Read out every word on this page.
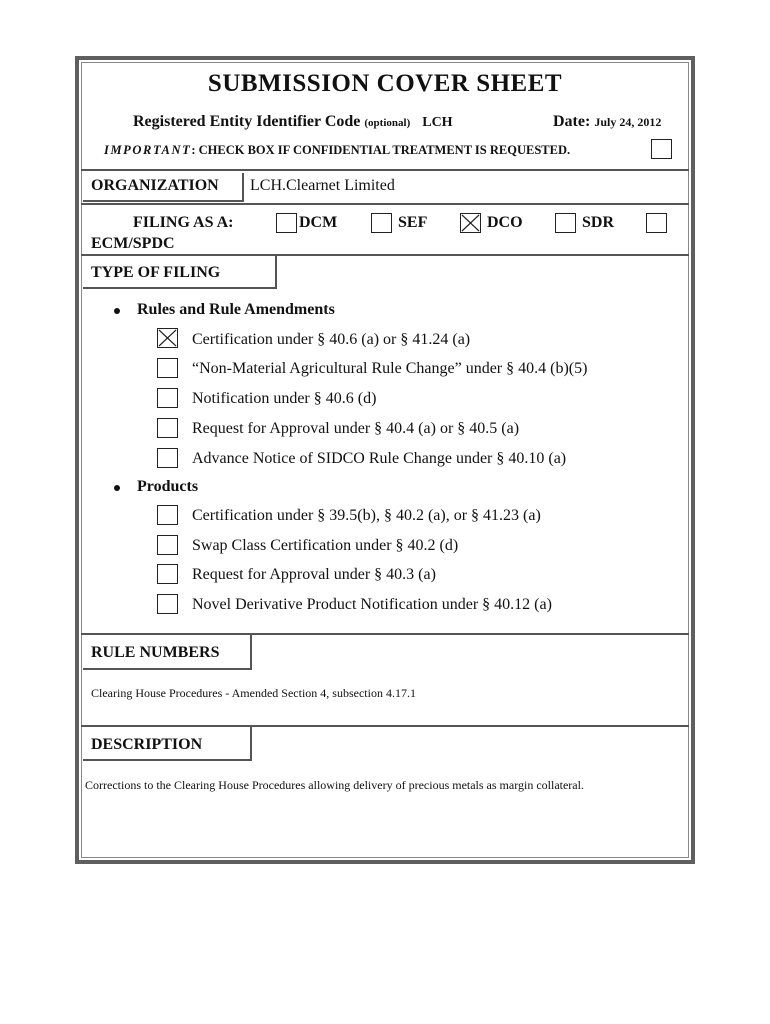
SUBMISSION COVER SHEET
Registered Entity Identifier Code (optional) LCH	Date: July 24, 2012
IMPORTANT: CHECK BOX IF CONFIDENTIAL TREATMENT IS REQUESTED.
ORGANIZATION LCH.Clearnet Limited
FILING AS A:	DCM	SEF	DCO	SDR
ECM/SPDC
TYPE OF FILING
Rules and Rule Amendments
Certification under § 40.6 (a) or § 41.24 (a)
“Non-Material Agricultural Rule Change” under § 40.4 (b)(5)
Notification under § 40.6 (d)
Request for Approval under § 40.4 (a) or § 40.5 (a)
Advance Notice of SIDCO Rule Change under § 40.10 (a)
Products
Certification under § 39.5(b), § 40.2 (a), or § 41.23 (a)
Swap Class Certification under § 40.2 (d)
Request for Approval under § 40.3 (a)
Novel Derivative Product Notification under § 40.12 (a)
RULE NUMBERS
Clearing House Procedures - Amended Section 4, subsection 4.17.1
DESCRIPTION
Corrections to the Clearing House Procedures allowing delivery of precious metals as margin collateral.
